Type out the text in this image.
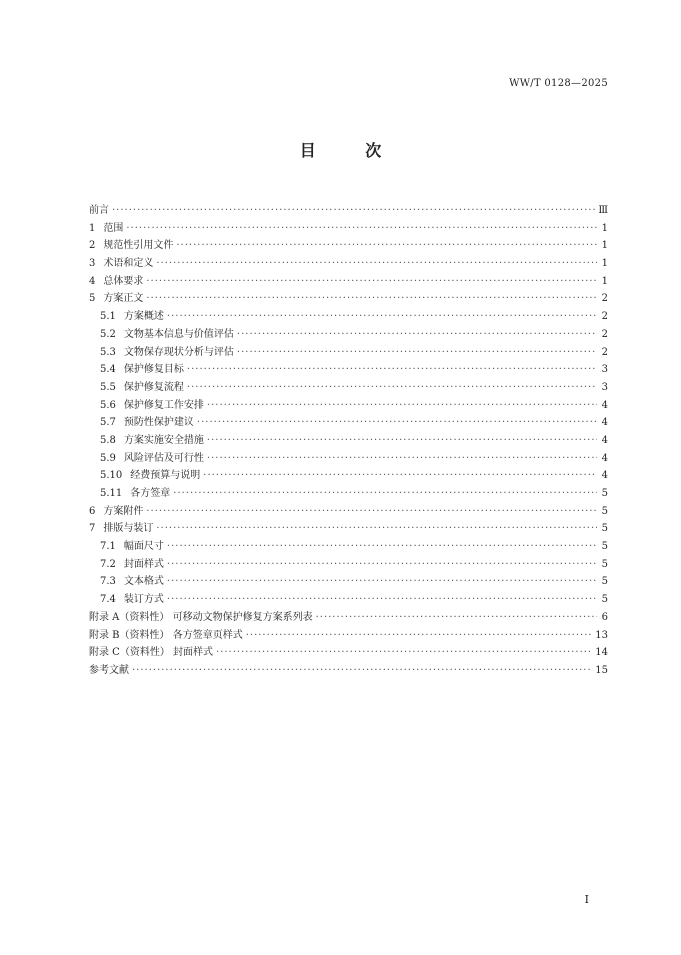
WW/T 0128—2025
目 次
前言 ·····	Ⅲ
1 范围 ·····	1
2 规范性引用文件 ·····	1
3 术语和定义 ·····	1
4 总体要求 ·····	1
5 方案正文 ·····	2
5.1 方案概述 ·····	2
5.2 文物基本信息与价值评估 ·····	2
5.3 文物保存现状分析与评估 ·····	2
5.4 保护修复目标 ·····	3
5.5 保护修复流程 ·····	3
5.6 保护修复工作安排 ·····	4
5.7 预防性保护建议 ·····	4
5.8 方案实施安全措施 ·····	4
5.9 风险评估及可行性 ·····	4
5.10 经费预算与说明 ·····	4
5.11 各方签章 ·····	5
6 方案附件 ·····	5
7 排版与装订 ·····	5
7.1 幅面尺寸 ·····	5
7.2 封面样式 ·····	5
7.3 文本格式 ·····	5
7.4 装订方式 ·····	5
附录 A（资料性） 可移动文物保护修复方案系列表 ·····	6
附录 B（资料性） 各方签章页样式 ·····	13
附录 C（资料性） 封面样式 ·····	14
参考文献 ·····	15
I
